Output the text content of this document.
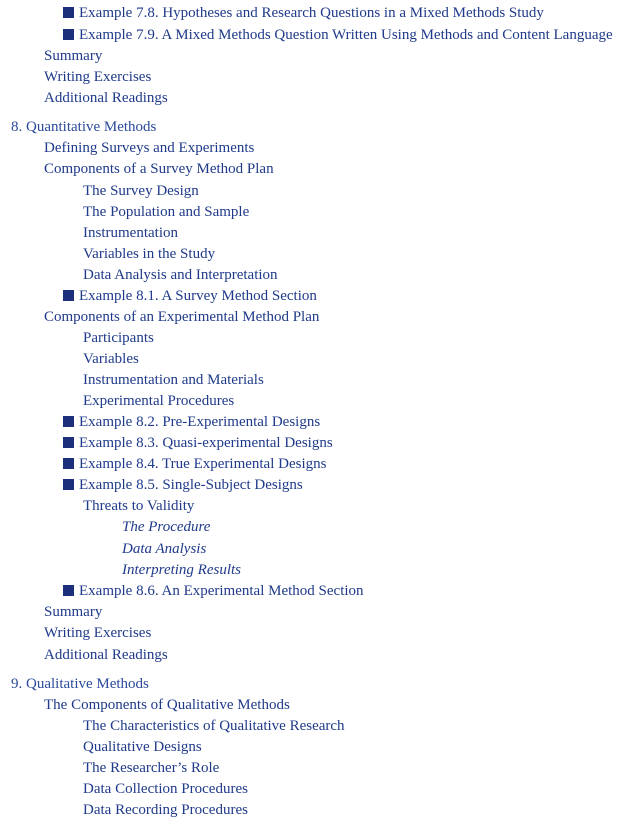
Example 7.8. Hypotheses and Research Questions in a Mixed Methods Study
Example 7.9. A Mixed Methods Question Written Using Methods and Content Language
Summary
Writing Exercises
Additional Readings
8. Quantitative Methods
Defining Surveys and Experiments
Components of a Survey Method Plan
The Survey Design
The Population and Sample
Instrumentation
Variables in the Study
Data Analysis and Interpretation
Example 8.1. A Survey Method Section
Components of an Experimental Method Plan
Participants
Variables
Instrumentation and Materials
Experimental Procedures
Example 8.2. Pre-Experimental Designs
Example 8.3. Quasi-experimental Designs
Example 8.4. True Experimental Designs
Example 8.5. Single-Subject Designs
Threats to Validity
The Procedure
Data Analysis
Interpreting Results
Example 8.6. An Experimental Method Section
Summary
Writing Exercises
Additional Readings
9. Qualitative Methods
The Components of Qualitative Methods
The Characteristics of Qualitative Research
Qualitative Designs
The Researcher’s Role
Data Collection Procedures
Data Recording Procedures
